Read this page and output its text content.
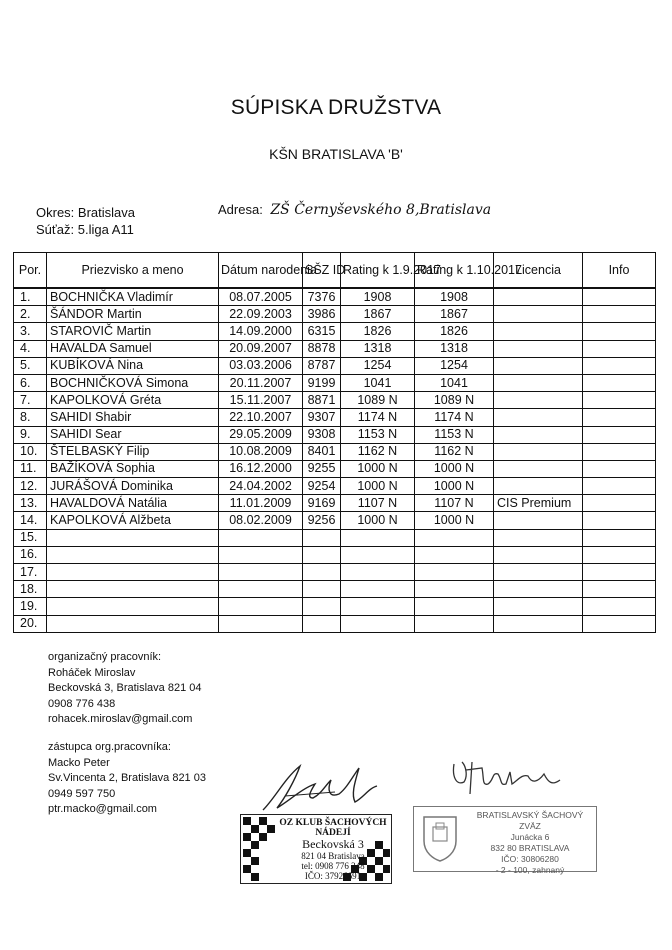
SÚPISKA DRUŽSTVA
KŠN BRATISLAVA 'B'
Okres: Bratislava
Súťaž: 5.liga A11
Adresa: ZŠ Černyševského 8,Bratislava
Por.	Priezvisko a meno	Dátum narodenia	SŠZ ID	Rating k 1.9.2017	Rating k 1.10.2017	Licencia	Info
1.	BOCHNIČKA Vladimír	08.07.2005	7376	1908	1908		
2.	ŠÁNDOR Martin	22.09.2003	3986	1867	1867		
3.	STAROVIČ Martin	14.09.2000	6315	1826	1826		
4.	HAVALDA Samuel	20.09.2007	8878	1318	1318		
5.	KUBÍKOVÁ Nina	03.03.2006	8787	1254	1254		
6.	BOCHNIČKOVÁ Simona	20.11.2007	9199	1041	1041		
7.	KAPOLKOVÁ Gréta	15.11.2007	8871	1089 N	1089 N		
8.	SAHIDI Shabir	22.10.2007	9307	1174 N	1174 N		
9.	SAHIDI Sear	29.05.2009	9308	1153 N	1153 N		
10.	ŠTELBASKÝ Filip	10.08.2009	8401	1162 N	1162 N		
11.	BAŽÍKOVÁ Sophia	16.12.2000	9255	1000 N	1000 N		
12.	JURÁŠOVÁ Dominika	24.04.2002	9254	1000 N	1000 N		
13.	HAVALDOVÁ Natália	11.01.2009	9169	1107 N	1107 N	CIS Premium	
14.	KAPOLKOVÁ Alžbeta	08.02.2009	9256	1000 N	1000 N		
15.							
16.							
17.							
18.							
19.							
20.							
organizačný pracovník:
Roháček Miroslav
Beckovská 3, Bratislava 821 04
0908 776 438
rohacek.miroslav@gmail.com
zástupca org.pracovníka:
Macko Peter
Sv.Vincenta 2, Bratislava 821 03
0949 597 750
ptr.macko@gmail.com
OZ KLUB ŠACHOVÝCH NÁDEJÍ
Beckovská 3
821 04 Bratislava
tel: 0908 776 348
IČO: 37926691
BRATISLAVSKÝ ŠACHOVÝ ZVÄZ
Junáckа 6
832 80 BRATISLAVA
IČO: 30806280
- 2 - 100, zahnaný
